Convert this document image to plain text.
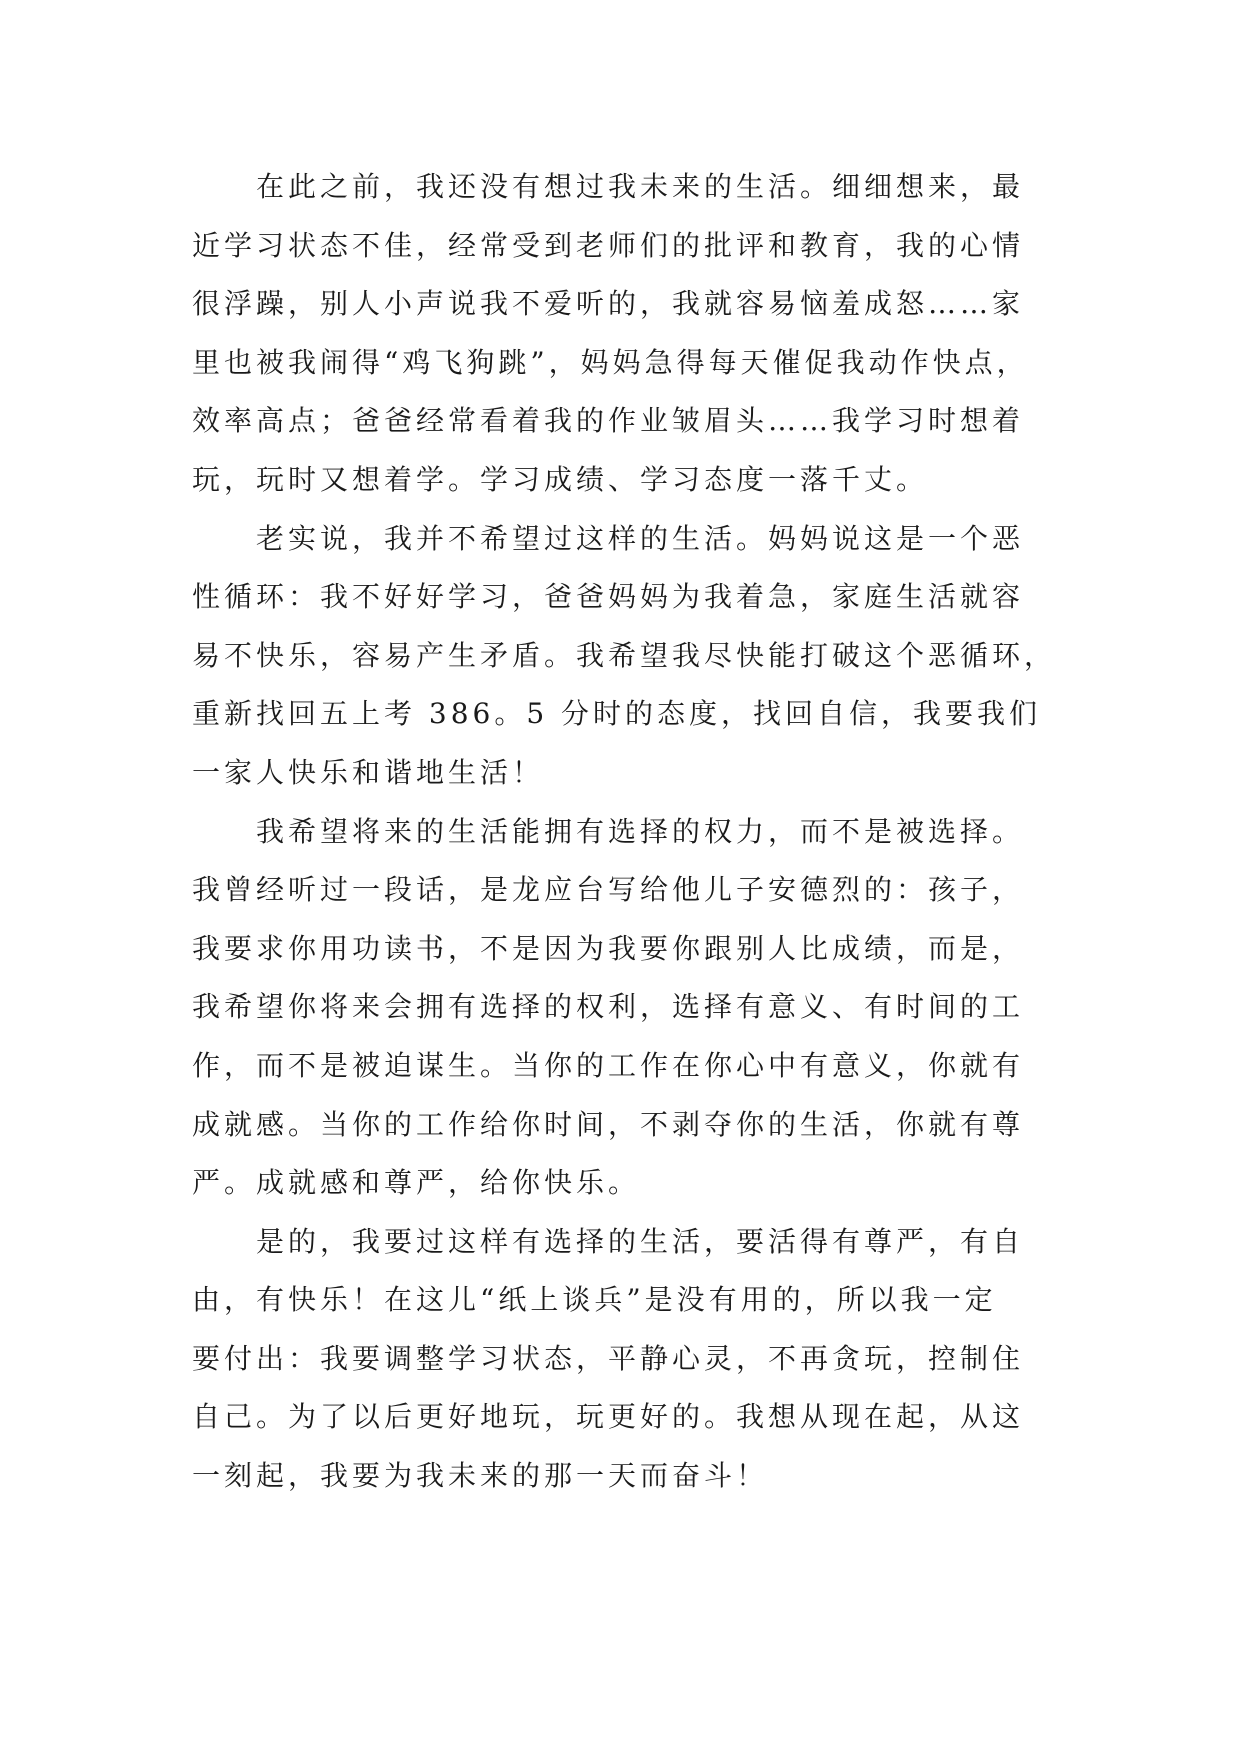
在此之前，我还没有想过我未来的生活。细细想来，最
近学习状态不佳，经常受到老师们的批评和教育，我的心情
很浮躁，别人小声说我不爱听的，我就容易恼羞成怒……家
里也被我闹得“鸡飞狗跳”，妈妈急得每天催促我动作快点，
效率高点；爸爸经常看着我的作业皱眉头……我学习时想着
玩，玩时又想着学。学习成绩、学习态度一落千丈。
老实说，我并不希望过这样的生活。妈妈说这是一个恶
性循环：我不好好学习，爸爸妈妈为我着急，家庭生活就容
易不快乐，容易产生矛盾。我希望我尽快能打破这个恶循环，
重新找回五上考 386。5 分时的态度，找回自信，我要我们
一家人快乐和谐地生活！
我希望将来的生活能拥有选择的权力，而不是被选择。
我曾经听过一段话，是龙应台写给他儿子安德烈的：孩子，
我要求你用功读书，不是因为我要你跟别人比成绩，而是，
我希望你将来会拥有选择的权利，选择有意义、有时间的工
作，而不是被迫谋生。当你的工作在你心中有意义，你就有
成就感。当你的工作给你时间，不剥夺你的生活，你就有尊
严。成就感和尊严，给你快乐。
是的，我要过这样有选择的生活，要活得有尊严，有自
由，有快乐！在这儿“纸上谈兵”是没有用的，所以我一定
要付出：我要调整学习状态，平静心灵，不再贪玩，控制住
自己。为了以后更好地玩，玩更好的。我想从现在起，从这
一刻起，我要为我未来的那一天而奋斗！
